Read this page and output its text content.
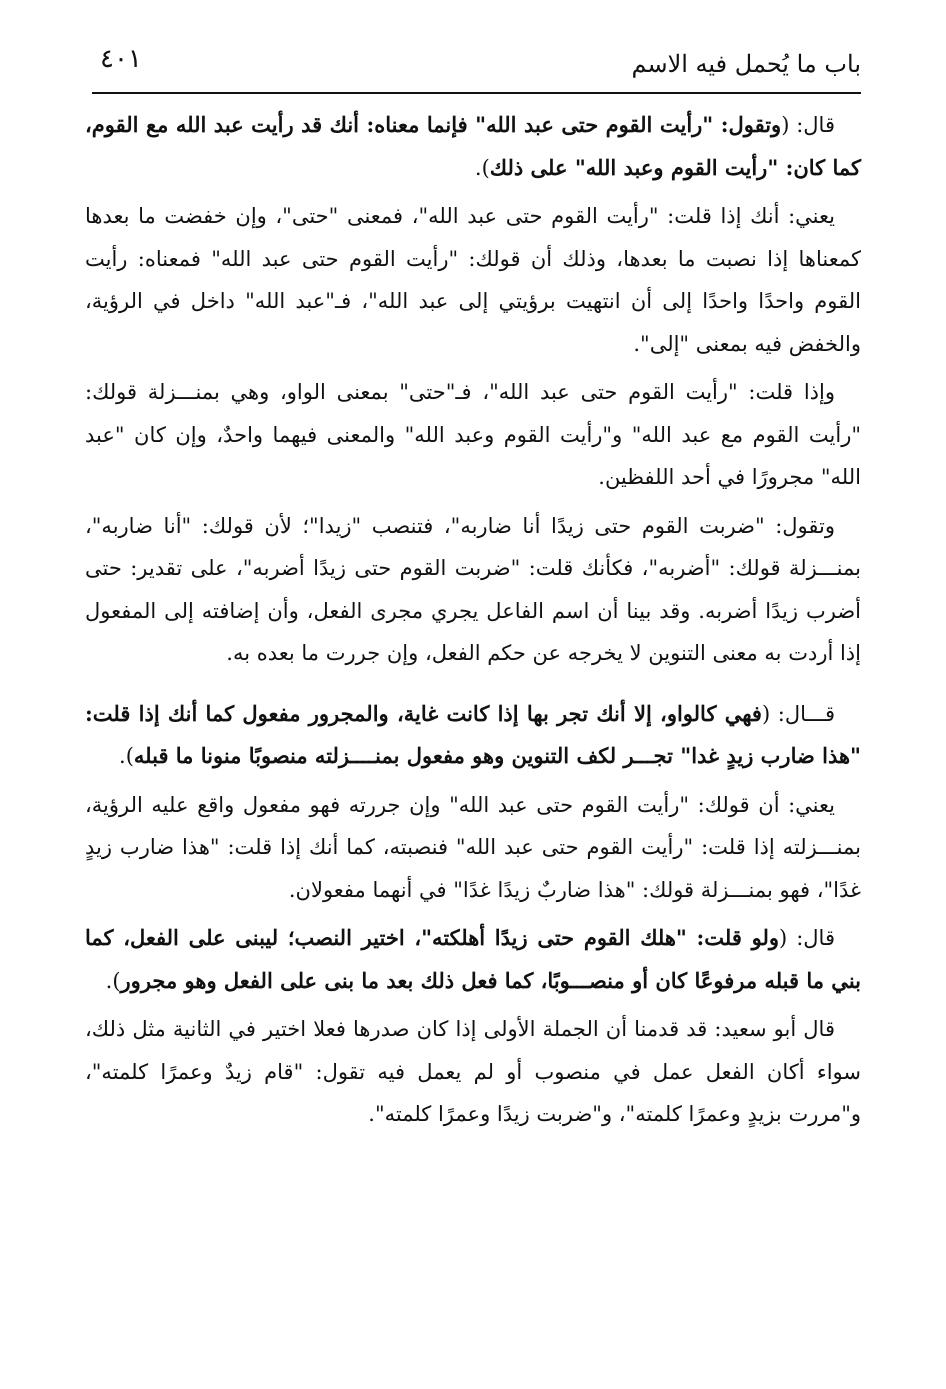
باب ما يُحمل فيه الاسم
٤٠١

قال: (وتقول: "رأيت القوم حتى عبد الله" فإنما معناه: أنك قد رأيت عبد الله مع القوم، كما كان: "رأيت القوم وعبد الله" على ذلك).

يعني: أنك إذا قلت: "رأيت القوم حتى عبد الله"، فمعنى "حتى"، وإن خفضت ما بعدها كمعناها إذا نصبت ما بعدها، وذلك أن قولك: "رأيت القوم حتى عبد الله" فمعناه: رأيت القوم واحدًا واحدًا إلى أن انتهيت برؤيتي إلى عبد الله"، فـ"عبد الله" داخل في الرؤية، والخفض فيه بمعنى "إلى".

وإذا قلت: "رأيت القوم حتى عبد الله"، فـ"حتى" بمعنى الواو، وهي بمنـــزلة قولك: "رأيت القوم مع عبد الله" و"رأيت القوم وعبد الله" والمعنى فيهما واحدٌ، وإن كان "عبد الله" مجرورًا في أحد اللفظين.

وتقول: "ضربت القوم حتى زيدًا أنا ضاربه"، فتنصب "زيدا"؛ لأن قولك: "أنا ضاربه"، بمنـــزلة قولك: "أضربه"، فكأنك قلت: "ضربت القوم حتى زيدًا أضربه"، على تقدير: حتى أضرب زيدًا أضربه. وقد بينا أن اسم الفاعل يجري مجرى الفعل، وأن إضافته إلى المفعول إذا أردت به معنى التنوين لا يخرجه عن حكم الفعل، وإن جررت ما بعده به.

قـــال: (فهي كالواو، إلا أنك تجر بها إذا كانت غاية، والمجرور مفعول كما أنك إذا قلت: "هذا ضارب زيدٍ غدا" تجـــر لكف التنوين وهو مفعول بمنــــزلته منصوبًا منونا ما قبله).

يعني: أن قولك: "رأيت القوم حتى عبد الله" وإن جررته فهو مفعول واقع عليه الرؤية، بمنـــزلته إذا قلت: "رأيت القوم حتى عبد الله" فنصبته، كما أنك إذا قلت: "هذا ضارب زيدٍ غدًا"، فهو بمنـــزلة قولك: "هذا ضاربٌ زيدًا غدًا" في أنهما مفعولان.

قال: (ولو قلت: "هلك القوم حتى زيدًا أهلكته"، اختير النصب؛ ليبنى على الفعل، كما بني ما قبله مرفوعًا كان أو منصـــوبًا، كما فعل ذلك بعد ما بنى على الفعل وهو مجرور).

قال أبو سعيد: قد قدمنا أن الجملة الأولى إذا كان صدرها فعلا اختير في الثانية مثل ذلك، سواء أكان الفعل عمل في منصوب أو لم يعمل فيه تقول: "قام زيدٌ وعمرًا كلمته"، و"مررت بزيدٍ وعمرًا كلمته"، و"ضربت زيدًا وعمرًا كلمته".
